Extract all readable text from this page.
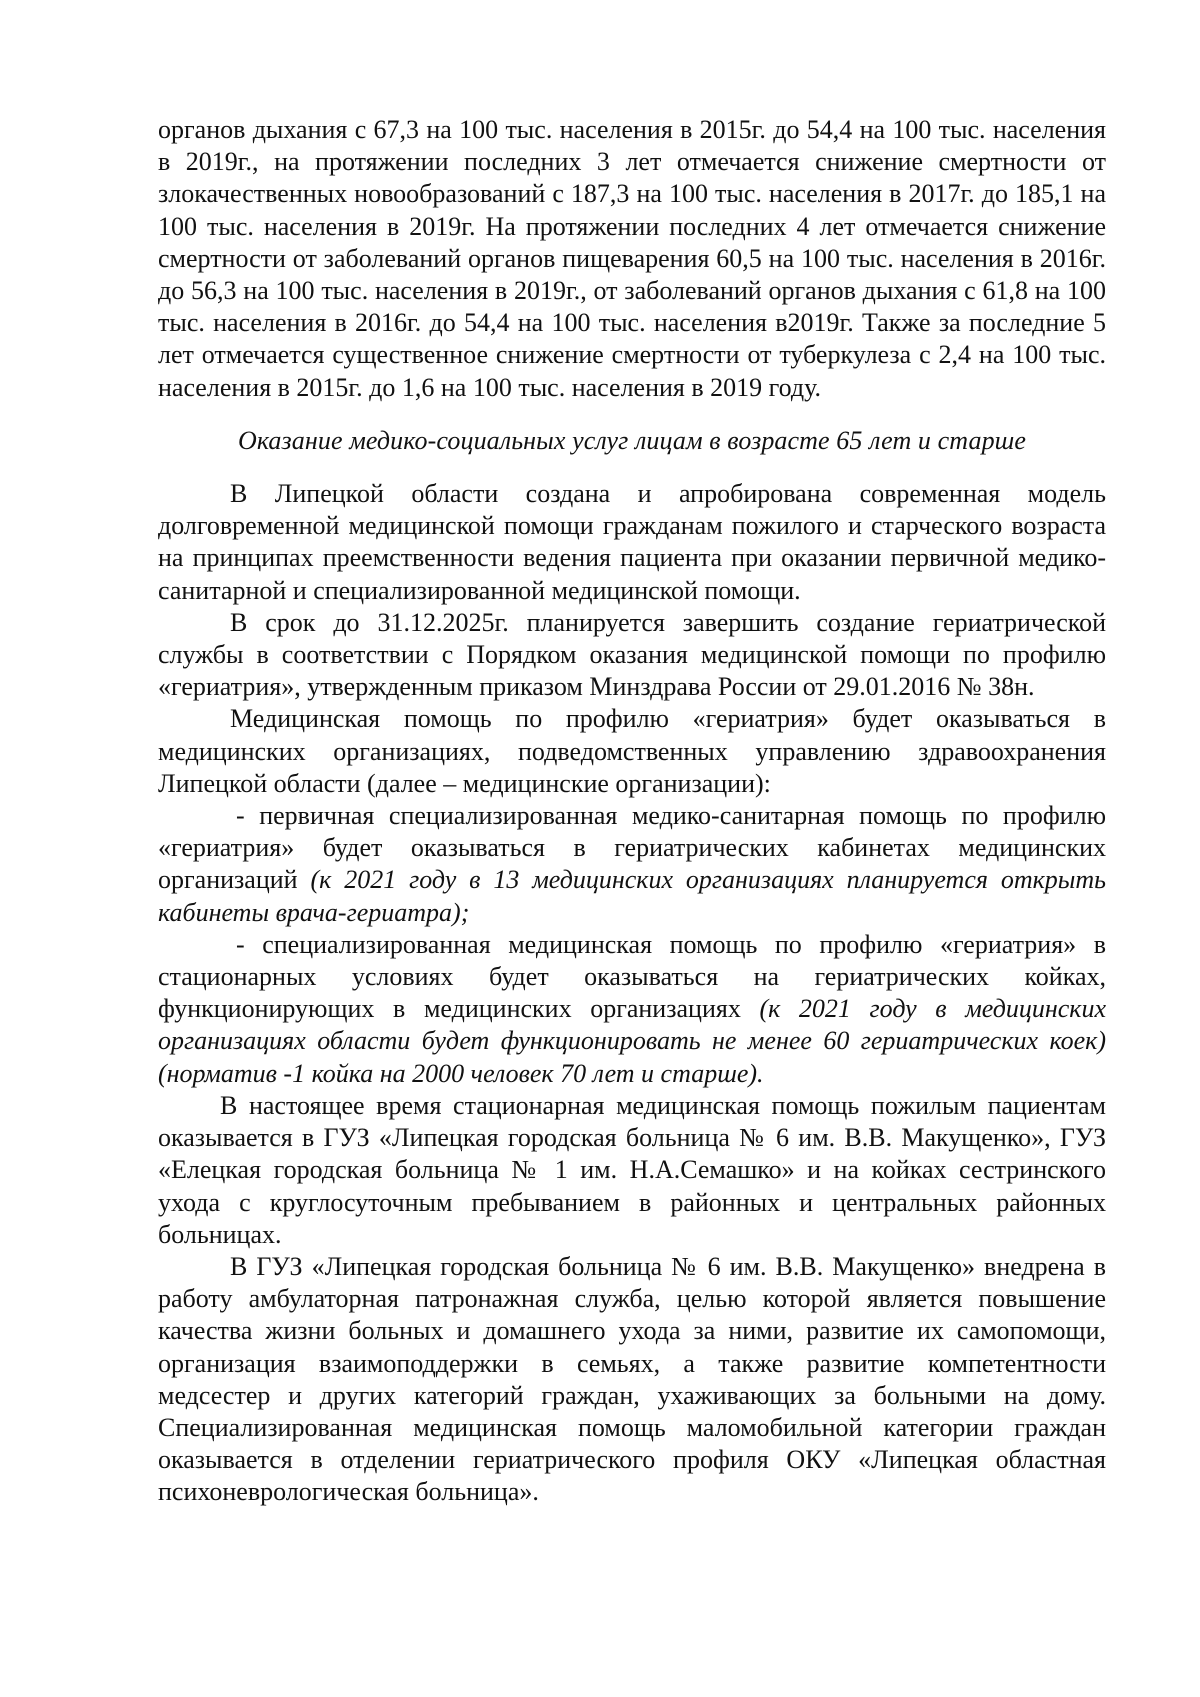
органов дыхания с 67,3 на 100 тыс. населения в 2015г. до 54,4 на 100 тыс. населения в 2019г., на протяжении последних 3 лет отмечается снижение смертности от злокачественных новообразований с 187,3 на 100 тыс. населения в 2017г. до 185,1 на 100 тыс. населения в 2019г. На протяжении последних 4 лет отмечается снижение смертности от заболеваний органов пищеварения 60,5 на 100 тыс. населения в 2016г. до 56,3 на 100 тыс. населения в 2019г., от заболеваний органов дыхания с 61,8 на 100 тыс. населения в 2016г. до 54,4 на 100 тыс. населения в2019г. Также за последние 5 лет отмечается существенное снижение смертности от туберкулеза с 2,4 на 100 тыс. населения в 2015г. до 1,6 на 100 тыс. населения в 2019 году.

Оказание медико-социальных услуг лицам в возрасте 65 лет и старше

В Липецкой области создана и апробирована современная модель долговременной медицинской помощи гражданам пожилого и старческого возраста на принципах преемственности ведения пациента при оказании первичной медико-санитарной и специализированной медицинской помощи.

В срок до 31.12.2025г. планируется завершить создание гериатрической службы в соответствии с Порядком оказания медицинской помощи по профилю «гериатрия», утвержденным приказом Минздрава России от 29.01.2016 № 38н.

Медицинская помощь по профилю «гериатрия» будет оказываться в медицинских организациях, подведомственных управлению здравоохранения Липецкой области (далее – медицинские организации):

- первичная специализированная медико-санитарная помощь по профилю «гериатрия» будет оказываться в гериатрических кабинетах медицинских организаций (к 2021 году в 13 медицинских организациях планируется открыть кабинеты врача-гериатра);

- специализированная медицинская помощь по профилю «гериатрия» в стационарных условиях будет оказываться на гериатрических койках, функционирующих в медицинских организациях (к 2021 году в медицинских организациях области будет функционировать не менее 60 гериатрических коек) (норматив -1 койка на 2000 человек 70 лет и старше).

В настоящее время стационарная медицинская помощь пожилым пациентам оказывается в ГУЗ «Липецкая городская больница № 6 им. В.В. Макущенко», ГУЗ «Елецкая городская больница № 1 им. Н.А.Семашко» и на койках сестринского ухода с круглосуточным пребыванием в районных и центральных районных больницах.

В ГУЗ «Липецкая городская больница № 6 им. В.В. Макущенко» внедрена в работу амбулаторная патронажная служба, целью которой является повышение качества жизни больных и домашнего ухода за ними, развитие их самопомощи, организация взаимоподдержки в семьях, а также развитие компетентности медсестер и других категорий граждан, ухаживающих за больными на дому. Специализированная медицинская помощь маломобильной категории граждан оказывается в отделении гериатрического профиля ОКУ «Липецкая областная психоневрологическая больница».
